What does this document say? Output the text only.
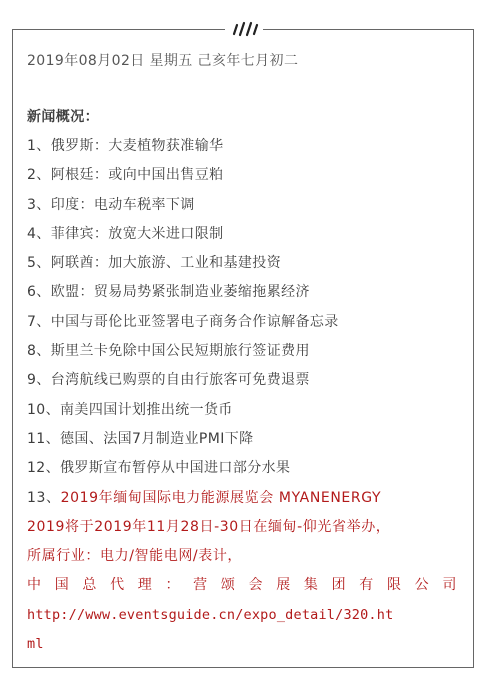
2019年08月02日 星期五 己亥年七月初二
新闻概况：
1、俄罗斯：大麦植物获准输华
2、阿根廷：或向中国出售豆粕
3、印度：电动车税率下调
4、菲律宾：放宽大米进口限制
5、阿联酋：加大旅游、工业和基建投资
6、欧盟：贸易局势紧张制造业萎缩拖累经济
7、中国与哥伦比亚签署电子商务合作谅解备忘录
8、斯里兰卡免除中国公民短期旅行签证费用
9、台湾航线已购票的自由行旅客可免费退票
10、南美四国计划推出统一货币
11、德国、法国7月制造业PMI下降
12、俄罗斯宣布暂停从中国进口部分水果
13、2019年缅甸国际电力能源展览会 MYANENERGY
2019将于2019年11月28日-30日在缅甸-仰光省举办，
所属行业：电力/智能电网/表计，
中 国 总 代 理 ： 营 颂 会 展 集 团 有 限 公 司
http://www.eventsguide.cn/expo_detail/320.ht
ml
